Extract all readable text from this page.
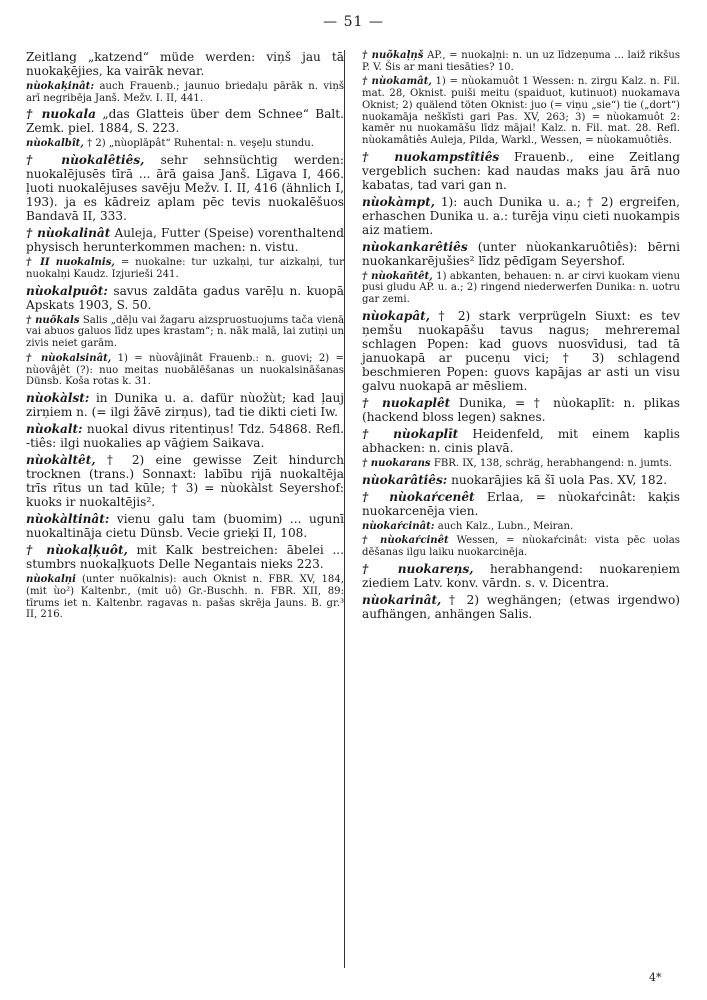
— 51 —

Zeitlang „katzend“ müde werden: viņš jau tā nuokaķējies, ka vairāk nevar.

nùokaķinât: auch Frauenb.; jaunuo briedaļu pārāk n. viņš arī negribēja Janš. Mežv. I. II, 441.

† nuokala „das Glatteis über dem Schnee“ Balt. Zemk. piel. 1884, S. 223.

nùokalbît, † 2) „nùoplāpât“ Ruhental: n. veşeļu stundu.

† nùokalêtiês, sehr sehnsüchtig werden: nuokalējusēs tīrā ... ārā gaisa Janš. Līgava I, 466. ļuoti nuokalējuses savēju Mežv. I. II, 416 (ähnlich I, 193). ja es kādreiz aplam pēc tevis nuokalēšuos Bandavā II, 333.

† nùokalinât Auleja, Futter (Speise) vorenthaltend physisch herunterkommen machen: n. vistu.

† II nuokalnis, = nuokalne: tur uzkalņi, tur aizkalņi, tur nuokalņi Kaudz. Izjurieši 241.

nùokalpuôt: savus zaldāta gadus varēļu n. kuopā Apskats 1903, S. 50.

† nuõkals Salis „dēļu vai žagaru aizspruostuojums tača vienā vai abuos galuos līdz upes krastam“; n. nāk malā, lai zutiņi un zivis neiet garām.

† nùokalsinât, 1) = nùovâjinât Frauenb.: n. guovi; 2) = nùovâjêt (?): nuo meitas nuobālēšanas un nuokalsināšanas Dünsb. Koša rotas k. 31.

nùokàlst: in Dunika u. a. dafür nùožùt; kad ļauj zirņiem n. (= ilgi žāvē zirņus), tad tie dikti cieti Iw.

nùokalt: nuokal divus ritentiņus! Tdz. 54868. Refl. -tiês: ilgi nuokalies ap vāģiem Saikava.

nùokàltêt, † 2) eine gewisse Zeit hindurch trocknen (trans.) Sonnaxt: labību rijā nuokaltēja trīs rītus un tad kūle; † 3) = nùokàlst Seyershof: kuoks ir nuokaltējis².

nùokàltinât: vienu galu tam (buomim) ... ugunī nuokaltināja cietu Dünsb. Vecie grieķi II, 108.

† nùokaļķuôt, mit Kalk bestreichen: ābelei ... stumbrs nuokaļķuots Delle Negantais nieks 223.

nùokalņi (unter nuõkalnis): auch Oknist n. FBR. XV, 184, (mit ùo²) Kaltenbr., (mit uô) Gr.-Buschh. n. FBR. XII, 89: tīrums iet n. Kaltenbr. ragavas n. pašas skrēja Jauns. B. gr.³ II, 216.

† nuõkaļņš AP., = nuokaļņi: n. un uz līdzeņuma ... laiž rikšus P. V. Šis ar mani tiesāties? 10.

† nùokamât, 1) = nùokamuôt 1 Wessen: n. zirgu Kalz. n. Fil. mat. 28, Oknist. puiši meitu (spaiduot, kutinuot) nuokamava Oknist; 2) quälend töten Oknist: juo (= viņu „sie“) tie („dort“) nuokamāja neškīsti gari Pas. XV, 263; 3) = nùokamuôt 2: kamēr nu nuokamāšu līdz mājai! Kalz. n. Fil. mat. 28. Refl. nùokamâtiês Auleja, Pilda, Warkl., Wessen, = nùokamuôtiês.

† nuokampstîtiês Frauenb., eine Zeitlang vergeblich suchen: kad naudas maks jau ārā nuo kabatas, tad vari gan n.

nùokàmpt, 1): auch Dunika u. a.; † 2) ergreifen, erhaschen Dunika u. a.: turēja viņu cieti nuokampis aiz matiem.

nùokankarêtiês (unter nùokankaruôtiês): bērni nuokankarējušies² līdz pēdīgam Seyershof.

† nùokañtêt, 1) abkanten, behauen: n. ar cirvi kuokam vienu pusi gludu AP. u. a.; 2) ringend niederwerfen Dunika: n. uotru gar zemi.

nùokapât, † 2) stark verprügeln Siuxt: es tev ņemšu nuokapāšu tavus nagus; mehreremal schlagen Popen: kad guovs nuosvīdusi, tad tā januokapā ar puceņu vici; † 3) schlagend beschmieren Popen: guovs kapājas ar asti un visu galvu nuokapā ar mēsliem.

† nuokaplêt Dunika, = † nùokaplīt: n. plikas (hackend bloss legen) saknes.

† nùokaplīt Heidenfeld, mit einem kaplis abhacken: n. cinis plavā.

† nuokarans FBR. IX, 138, schräg, herabhangend: n. jumts.

nùokarâtiês: nuokarājies kā šī uola Pas. XV, 182.

† nùokaŕcenêt Erlaa, = nùokaŕcinât: kaķis nuokarcenēja vien.

nùokaŕcinât: auch Kalz., Lubn., Meiran.

† nùokaŕcinêt Wessen, = nùokaŕcinât: vista pēc uolas dēšanas ilgu laiku nuokarcinēja.

† nuokareņs, herabhangend: nuokareņiem ziediem Latv. konv. vārdn. s. v. Dicentra.

nùokarinât, † 2) weghängen; (etwas irgendwo) aufhängen, anhängen Salis.

4*
